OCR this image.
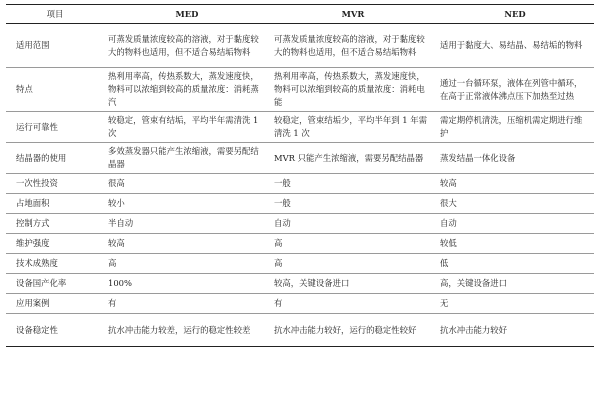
项目	MED	MVR	NED
适用范围	可蒸发质量浓度较高的溶液，对于黏度较大的物料也适用，但不适合易结垢物料	可蒸发质量浓度较高的溶液，对于黏度较大的物料也适用，但不适合易结垢物料	适用于黏度大、易结晶、易结垢的物料
特点	热利用率高，传热系数大，蒸发速度快，物料可以浓缩到较高的质量浓度：消耗蒸汽	热利用率高，传热系数大，蒸发速度快，物料可以浓缩到较高的质量浓度：消耗电能	通过一台循环泵，液体在列管中循环，在高于正常液体沸点压下加热至过热
运行可靠性	较稳定，管束有结垢，平均半年需清洗 1 次	较稳定，管束结垢少，平均半年到 1 年需清洗 1 次	需定期停机清洗，压缩机需定期进行维护
结晶器的使用	多效蒸发器只能产生浓缩液，需要另配结晶器	MVR 只能产生浓缩液，需要另配结晶器	蒸发结晶一体化设备
一次性投资	很高	一般	较高
占地面积	较小	一般	很大
控制方式	半自动	自动	自动
维护强度	较高	高	较低
技术成熟度	高	高	低
设备国产化率	100%	较高，关键设备进口	高，关键设备进口
应用案例	有	有	无
设备稳定性	抗水冲击能力较差，运行的稳定性较差	抗水冲击能力较好，运行的稳定性较好	抗水冲击能力较好
